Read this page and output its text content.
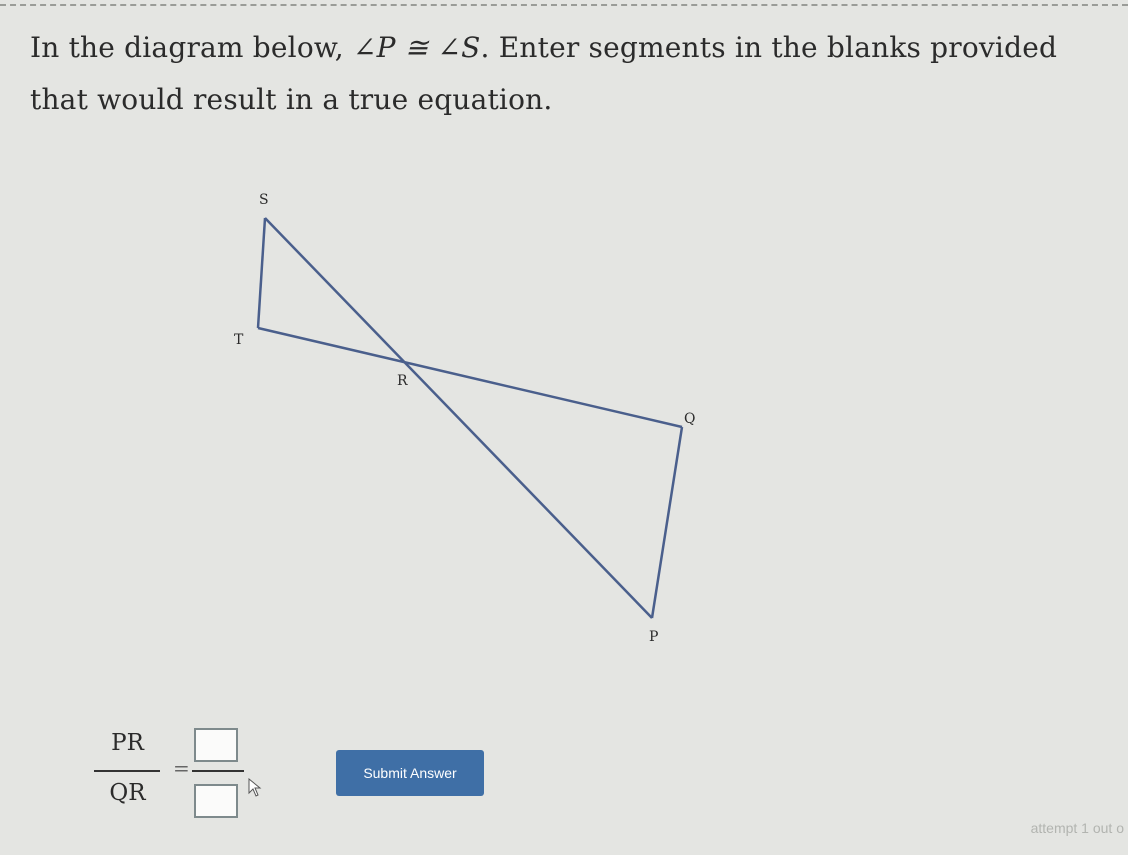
In the diagram below, ∠P ≅ ∠S. Enter segments in the blanks provided that would result in a true equation.
S
T
R
Q
P
PR
QR
=	Submit Answer
attempt 1 out o
